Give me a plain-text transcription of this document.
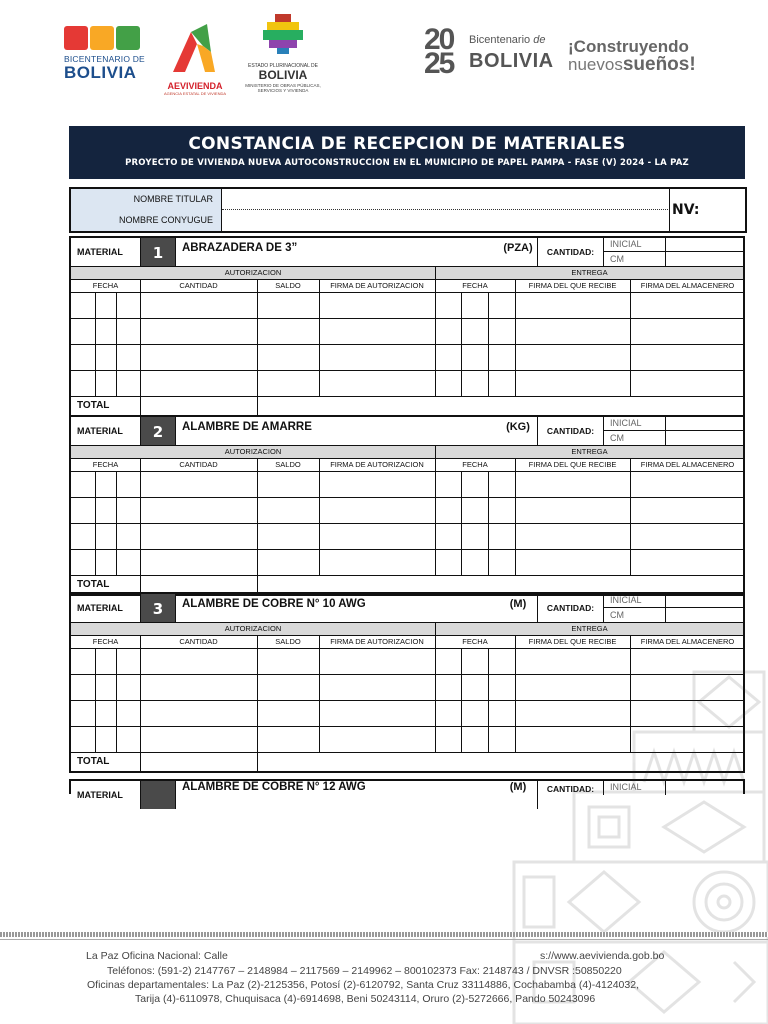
BICENTENARIO DE
BOLIVIA
AEVIVIENDA
AGENCIA ESTATAL DE VIVIENDA
ESTADO PLURINACIONAL DE
BOLIVIA
MINISTERIO DE OBRAS PÚBLICAS, SERVICIOS Y VIVIENDA
20
25
Bicentenario de
BOLIVIA
¡Construyendo
nuevossueños!
CONSTANCIA DE RECEPCION DE MATERIALES
PROYECTO DE VIVIENDA NUEVA AUTOCONSTRUCCION EN EL MUNICIPIO DE PAPEL PAMPA - FASE (V) 2024 - LA PAZ
NOMBRE TITULAR
NOMBRE CONYUGUE
NV:
MATERIAL	1	ABRAZADERA DE 3”	(PZA)	CANTIDAD:
INICIAL
CM
AUTORIZACION	ENTREGA
FECHA	CANTIDAD	SALDO	FIRMA DE AUTORIZACION	FECHA	FIRMA DEL QUE RECIBE	FIRMA DEL ALMACENERO
TOTAL
MATERIAL	2	ALAMBRE DE AMARRE	(KG)	CANTIDAD:
INICIAL
CM
AUTORIZACION	ENTREGA
FECHA	CANTIDAD	SALDO	FIRMA DE AUTORIZACION	FECHA	FIRMA DEL QUE RECIBE	FIRMA DEL ALMACENERO
TOTAL
MATERIAL	3	ALAMBRE DE COBRE N° 10 AWG	(M)	CANTIDAD:
INICIAL
CM
AUTORIZACION	ENTREGA
FECHA	CANTIDAD	SALDO	FIRMA DE AUTORIZACION	FECHA	FIRMA DEL QUE RECIBE	FIRMA DEL ALMACENERO
TOTAL
MATERIAL
ALAMBRE DE COBRE N° 12 AWG	(M)	CANTIDAD:	INICIAL
La Paz Oficina Nacional: Calle	s://www.aevivienda.gob.bo
Teléfonos: (591-2) 2147767 – 2148984 – 2117569 – 2149962 – 800102373 Fax: 2148743 / DNVSR :50850220
Oficinas departamentales: La Paz (2)-2125356, Potosí (2)-6120792, Santa Cruz 33114886, Cochabamba (4)-4124032,
Tarija (4)-6110978, Chuquisaca (4)-6914698, Beni 50243114, Oruro (2)-5272666, Pando 50243096
